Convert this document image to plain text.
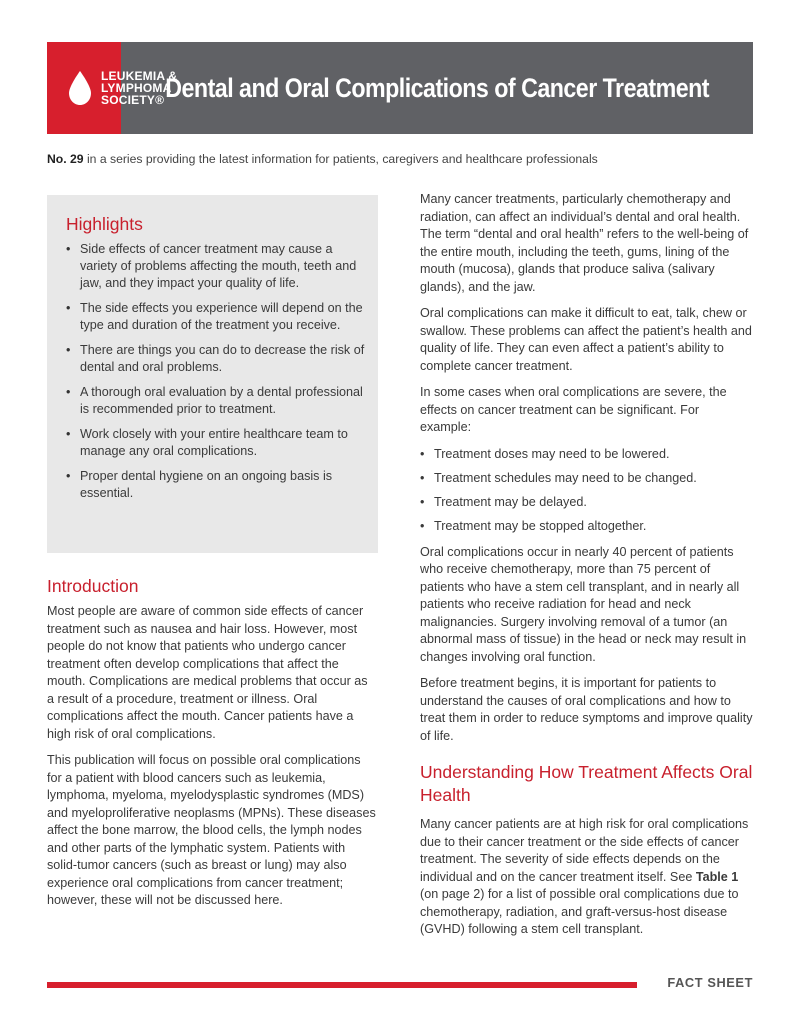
LEUKEMIA &
LYMPHOMA
SOCIETY® Dental and Oral Complications of Cancer Treatment
No. 29 in a series providing the latest information for patients, caregivers and healthcare professionals
Highlights
• Side effects of cancer treatment may cause a variety of problems affecting the mouth, teeth and jaw, and they impact your quality of life.
• The side effects you experience will depend on the type and duration of the treatment you receive.
• There are things you can do to decrease the risk of dental and oral problems.
• A thorough oral evaluation by a dental professional is recommended prior to treatment.
• Work closely with your entire healthcare team to manage any oral complications.
• Proper dental hygiene on an ongoing basis is essential.
Introduction

Most people are aware of common side effects of cancer treatment such as nausea and hair loss. However, most people do not know that patients who undergo cancer treatment often develop complications that affect the mouth. Complications are medical problems that occur as a result of a procedure, treatment or illness. Oral complications affect the mouth. Cancer patients have a high risk of oral complications.

This publication will focus on possible oral complications for a patient with blood cancers such as leukemia, lymphoma, myeloma, myelodysplastic syndromes (MDS) and myeloproliferative neoplasms (MPNs). These diseases affect the bone marrow, the blood cells, the lymph nodes and other parts of the lymphatic system. Patients with solid-tumor cancers (such as breast or lung) may also experience oral complications from cancer treatment; however, these will not be discussed here.

Many cancer treatments, particularly chemotherapy and radiation, can affect an individual’s dental and oral health. The term “dental and oral health” refers to the well-being of the entire mouth, including the teeth, gums, lining of the mouth (mucosa), glands that produce saliva (salivary glands), and the jaw.

Oral complications can make it difficult to eat, talk, chew or swallow. These problems can affect the patient’s health and quality of life. They can even affect a patient’s ability to complete cancer treatment.

In some cases when oral complications are severe, the effects on cancer treatment can be significant. For example:

• Treatment doses may need to be lowered.
• Treatment schedules may need to be changed.
• Treatment may be delayed.
• Treatment may be stopped altogether.

Oral complications occur in nearly 40 percent of patients who receive chemotherapy, more than 75 percent of patients who have a stem cell transplant, and in nearly all patients who receive radiation for head and neck malignancies. Surgery involving removal of a tumor (an abnormal mass of tissue) in the head or neck may result in changes involving oral function.

Before treatment begins, it is important for patients to understand the causes of oral complications and how to treat them in order to reduce symptoms and improve quality of life.

Understanding How Treatment Affects Oral Health

Many cancer patients are at high risk for oral complications due to their cancer treatment or the side effects of cancer treatment. The severity of side effects depends on the individual and on the cancer treatment itself. See Table 1 (on page 2) for a list of possible oral complications due to chemotherapy, radiation, and graft-versus-host disease (GVHD) following a stem cell transplant.

FACT SHEET
